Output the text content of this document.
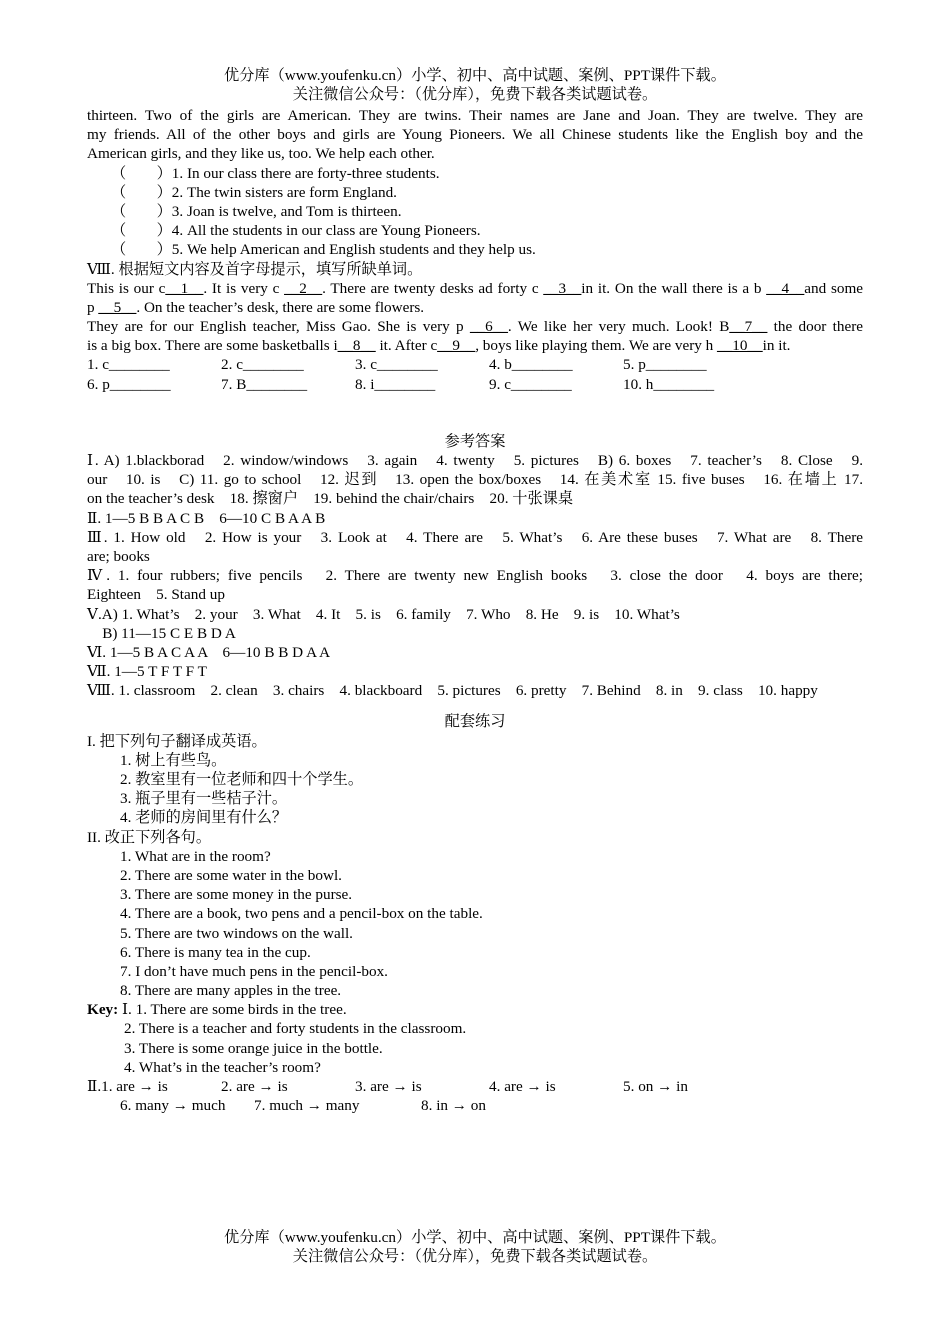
优分库（www.youfenku.cn）小学、初中、高中试题、案例、PPT课件下载。
关注微信公众号：（优分库），免费下载各类试题试卷。
thirteen. Two of the girls are American. They are twins. Their names are Jane and Joan. They are twelve. They are
my friends. All of the other boys and girls are Young Pioneers. We all Chinese students like the English boy and the
American girls, and they like us, too. We help each other.
（　　）1. In our class there are forty-three students.
（　　）2. The twin sisters are form England.
（　　）3. Joan is twelve, and Tom is thirteen.
（　　）4. All the students in our class are Young Pioneers.
（　　）5. We help American and English students and they help us.
Ⅷ. 根据短文内容及首字母提示，填写所缺单词。
This is our c__1__. It is very c __2__. There are twenty desks ad forty c __3__in it. On the wall there is a b __4__and some
p __5__. On the teacher’s desk, there are some flowers.
They are for our English teacher, Miss Gao. She is very p __6__. We like her very much. Look! B__7__ the door there
is a big box. There are some basketballs i__8__ it. After c__9__, boys like playing them. We are very h __10__in it.
1. c________	2. c________	3. c________	4. b________	5. p________
6. p________	7. B________	8. i________	9. c________	10. h________
参考答案
Ⅰ. A) 1.blackborad　2. window/windows　3. again　4. twenty　5. pictures　B) 6. boxes　7. teacher’s　8. Close　9.
our　10. is　C) 11. go to school　12. 迟到　13. open the box/boxes　14. 在美术室 15. five buses　16. 在墙上 17.
on the teacher’s desk　18. 擦窗户　19. behind the chair/chairs　20. 十张课桌
Ⅱ. 1—5 B B A C B　6—10 C B A A B
Ⅲ. 1. How old　2. How is your　3. Look at　4. There are　5. What’s　6. Are these buses　7. What are　8. There
are; books
Ⅳ. 1. four rubbers; five pencils　2. There are twenty new English books　3. close the door　4. boys are there;
Eighteen　5. Stand up
Ⅴ.A) 1. What’s　2. your　3. What　4. It　5. is　6. family　7. Who　8. He　9. is　10. What’s
　B) 11—15 C E B D A
Ⅵ. 1—5 B A C A A　6—10 B B D A A
Ⅶ. 1—5 T F T F T
Ⅷ. 1. classroom　2. clean　3. chairs　4. blackboard　5. pictures　6. pretty　7. Behind　8. in　9. class　10. happy
配套练习
I. 把下列句子翻译成英语。
1. 树上有些鸟。
2. 教室里有一位老师和四十个学生。
3. 瓶子里有一些桔子汁。
4. 老师的房间里有什么？
II. 改正下列各句。
1. What are in the room?
2. There are some water in the bowl.
3. There are some money in the purse.
4. There are a book, two pens and a pencil-box on the table.
5. There are two windows on the wall.
6. There is many tea in the cup.
7. I don’t have much pens in the pencil-box.
8. There are many apples in the tree.
Key: Ⅰ. 1. There are some birds in the tree.
2. There is a teacher and forty students in the classroom.
3. There is some orange juice in the bottle.
4. What’s in the teacher’s room?
Ⅱ.1. are → is	2. are → is	3. are → is	4. are → is	5. on → in
6. many → much 7. much → many	8. in → on
优分库（www.youfenku.cn）小学、初中、高中试题、案例、PPT课件下载。
关注微信公众号：（优分库），免费下载各类试题试卷。
